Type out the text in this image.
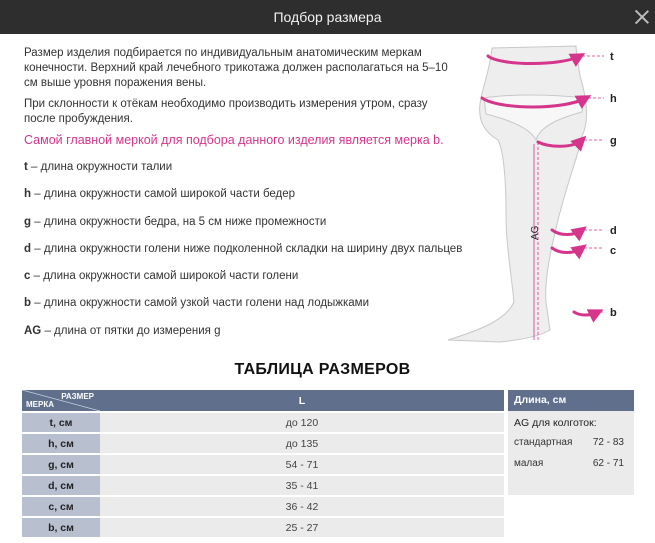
Подбор размера

Размер изделия подбирается по индивидуальным анатомическим меркам конечности. Верхний край лечебного трикотажа должен располагаться на 5–10 см выше уровня поражения вены.

При склонности к отёкам необходимо производить измерения утром, сразу после пробуждения.

Самой главной меркой для подбора данного изделия является мерка b.
t – длина окружности талии
h – длина окружности самой широкой части бедер
g – длина окружности бедра, на 5 см ниже промежности
d – длина окружности голени ниже подколенной складки на ширину двух пальцев
c – длина окружности самой широкой части голени
b – длина окружности самой узкой части голени над лодыжками
AG – длина от пятки до измерения g
t
h
g
d
c
b
AG
ТАБЛИЦА РАЗМЕРОВ
РАЗМЕР
МЕРКА	L
t, см	до 120
h, см	до 135
g, см	54 - 71
d, см	35 - 41
c, см	36 - 42
b, см	25 - 27
Длина, см
AG для колготок:
стандартная 72 - 83
малая	62 - 71
